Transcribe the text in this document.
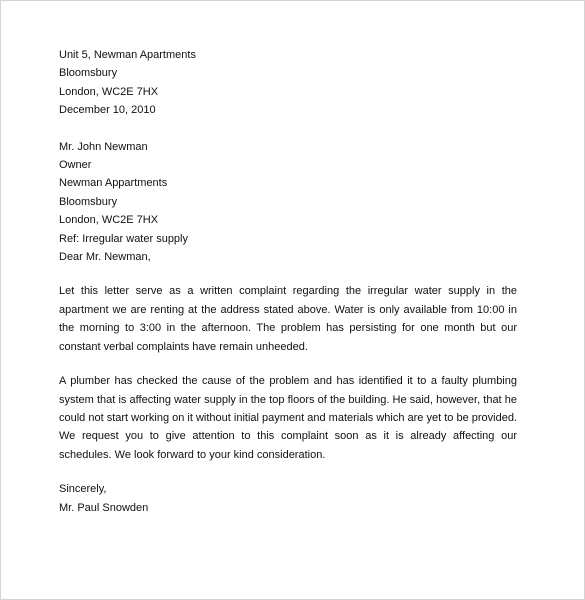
Unit 5, Newman Apartments
Bloomsbury
London, WC2E 7HX
December 10, 2010
Mr. John Newman
Owner
Newman Appartments
Bloomsbury
London, WC2E 7HX
Ref: Irregular water supply
Dear Mr. Newman,

Let this letter serve as a written complaint regarding the irregular water supply in the apartment we are renting at the address stated above. Water is only available from 10:00 in the morning to 3:00 in the afternoon. The problem has persisting for one month but our constant verbal complaints have remain unheeded.

A plumber has checked the cause of the problem and has identified it to a faulty plumbing system that is affecting water supply in the top floors of the building. He said, however, that he could not start working on it without initial payment and materials which are yet to be provided. We request you to give attention to this complaint soon as it is already affecting our schedules. We look forward to your kind consideration.

Sincerely,
Mr. Paul Snowden
